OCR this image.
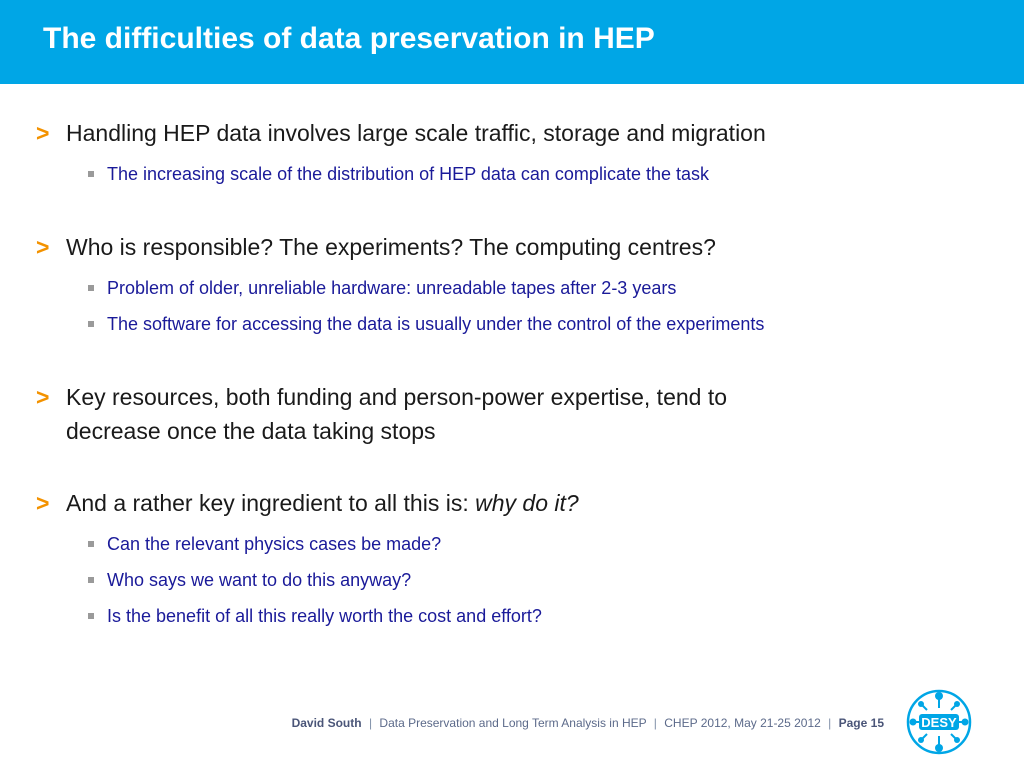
The difficulties of data preservation in HEP
> Handling HEP data involves large scale traffic, storage and migration
The increasing scale of the distribution of HEP data can complicate the task
> Who is responsible? The experiments? The computing centres?
Problem of older, unreliable hardware: unreadable tapes after 2-3 years
The software for accessing the data is usually under the control of the experiments
> Key resources, both funding and person-power expertise, tend to
decrease once the data taking stops
> And a rather key ingredient to all this is: why do it?
Can the relevant physics cases be made?
Who says we want to do this anyway?
Is the benefit of all this really worth the cost and effort?
David South | Data Preservation and Long Term Analysis in HEP | CHEP 2012, May 21-25 2012 | Page 15	DESY
